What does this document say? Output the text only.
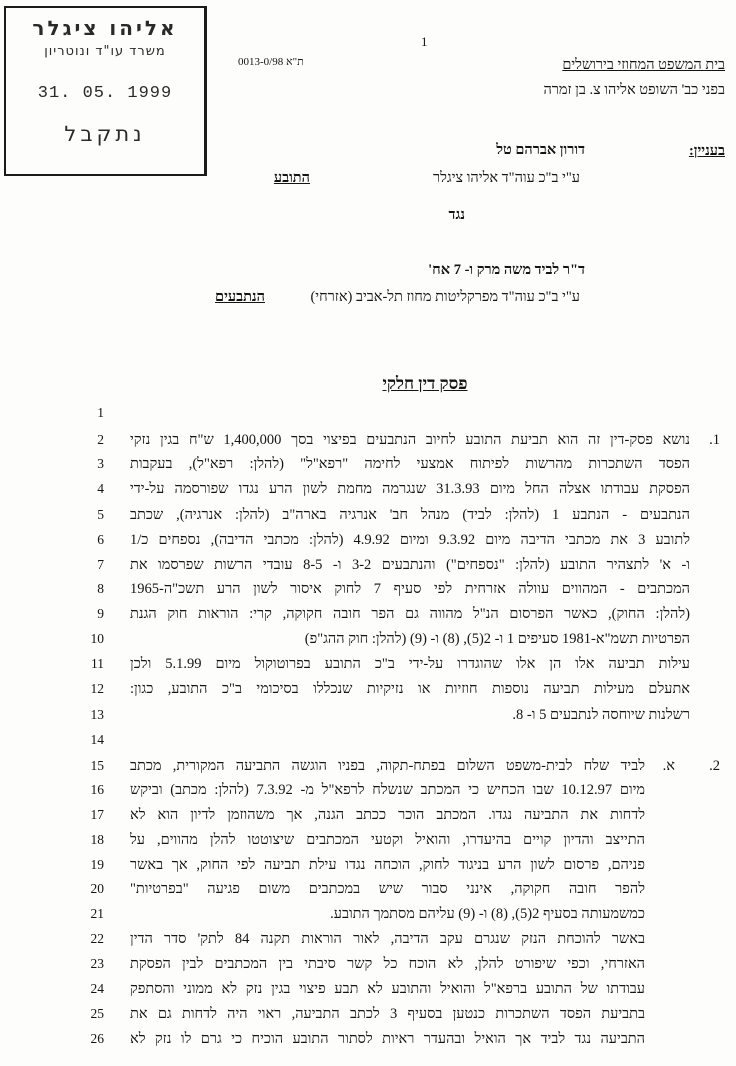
אליהו ציגלר
משרד עו"ד ונוטריון
31. 05. 1999
נתקבל
1
ת"א 0013-0/98	בית המשפט המחוזי בירושלים
בפני כב' השופט אליהו צ. בן זמרה
בעניין:
דורון אברהם טל
ע"י ב"כ עוה"ד אליהו ציגלר
התובע
נגד
ד"ר לביד משה מרק ו- 7 אח'
ע"י ב"כ עוה"ד מפרקליטות מחוז תל-אביב (אזרחי)
הנתבעים
פסק דין חלקי
1.
2.
א.
1
2
3
4
5
6
7
8
9
10
11
12
13
14
15
16
17
18
19
20
21
22
23
24
25
26
נושא פסק-דין זה הוא תביעת התובע לחיוב הנתבעים בפיצוי בסך 1,400,000 ש"ח בגין נזקי
הפסד השתכרות מהרשות לפיתוח אמצעי לחימה "רפא"ל" (להלן: רפא"ל), בעקבות
הפסקת עבודתו אצלה החל מיום 31.3.93 שנגרמה מחמת לשון הרע נגדו שפורסמה על-ידי
הנתבעים - הנתבע 1 (להלן: לביד) מנהל חב' אנרגיה בארה"ב (להלן: אנרגיה), שכתב
לתובע 3 את מכתבי הדיבה מיום 9.3.92 ומיום 4.9.92 (להלן: מכתבי הדיבה), נספחים כ/1
ו- א' לתצהיר התובע (להלן: "נספחים") והנתבעים 3-2 ו- 8-5 עובדי הרשות שפרסמו את
המכתבים - המהווים עוולה אזרחית לפי סעיף 7 לחוק איסור לשון הרע תשכ"ה-1965
(להלן: החוק), כאשר הפרסום הנ"ל מהווה גם הפר חובה חקוקה, קרי: הוראות חוק הגנת
הפרטיות תשמ"א-1981 סעיפים 1 ו- 2(5), (8) ו- (9) (להלן: חוק ההג"פ)
עילות תביעה אלו הן אלו שהוגדרו על-ידי ב"כ התובע בפרוטוקול מיום 5.1.99 ולכן
אתעלם מעילות תביעה נוספות חוזיות או נזיקיות שנכללו בסיכומי ב"כ התובע, כגון:
רשלנות שיוחסה לנתבעים 5 ו- 8.
לביד שלח לבית-משפט השלום בפתח-תקוה, בפניו הוגשה התביעה המקורית, מכתב
מיום 10.12.97 שבו הכחיש כי המכתב שנשלח לרפא"ל מ- 7.3.92 (להלן: מכתב) וביקש
לדחות את התביעה נגדו. המכתב הוכר ככתב הגנה, אך משהוזמן לדיון הוא לא
התייצב והדיון קויים בהיעדרו, והואיל וקטעי המכתבים שיצוטטו להלן מהווים, על
פניהם, פרסום לשון הרע בניגוד לחוק, הוכחה נגדו עילת תביעה לפי החוק, אך באשר
להפר חובה חקוקה, אינני סבור שיש במכתבים משום פגיעה "בפרטיות"
כמשמעותה בסעיף 2(5), (8) ו- (9) עליהם מסתמך התובע.
באשר להוכחת הנזק שנגרם עקב הדיבה, לאור הוראות תקנה 84 לתק' סדר הדין
האזרחי, וכפי שיפורט להלן, לא הוכח כל קשר סיבתי בין המכתבים לבין הפסקת
עבודתו של התובע ברפא"ל והואיל והתובע לא תבע פיצוי בגין נזק לא ממוני והסתפק
בתביעת הפסד השתכרות כנטען בסעיף 3 לכתב התביעה, ראוי היה לדחות גם את
התביעה נגד לביד אך הואיל ובהעדר ראיות לסתור התובע הוכיח כי גרם לו נזק לא
